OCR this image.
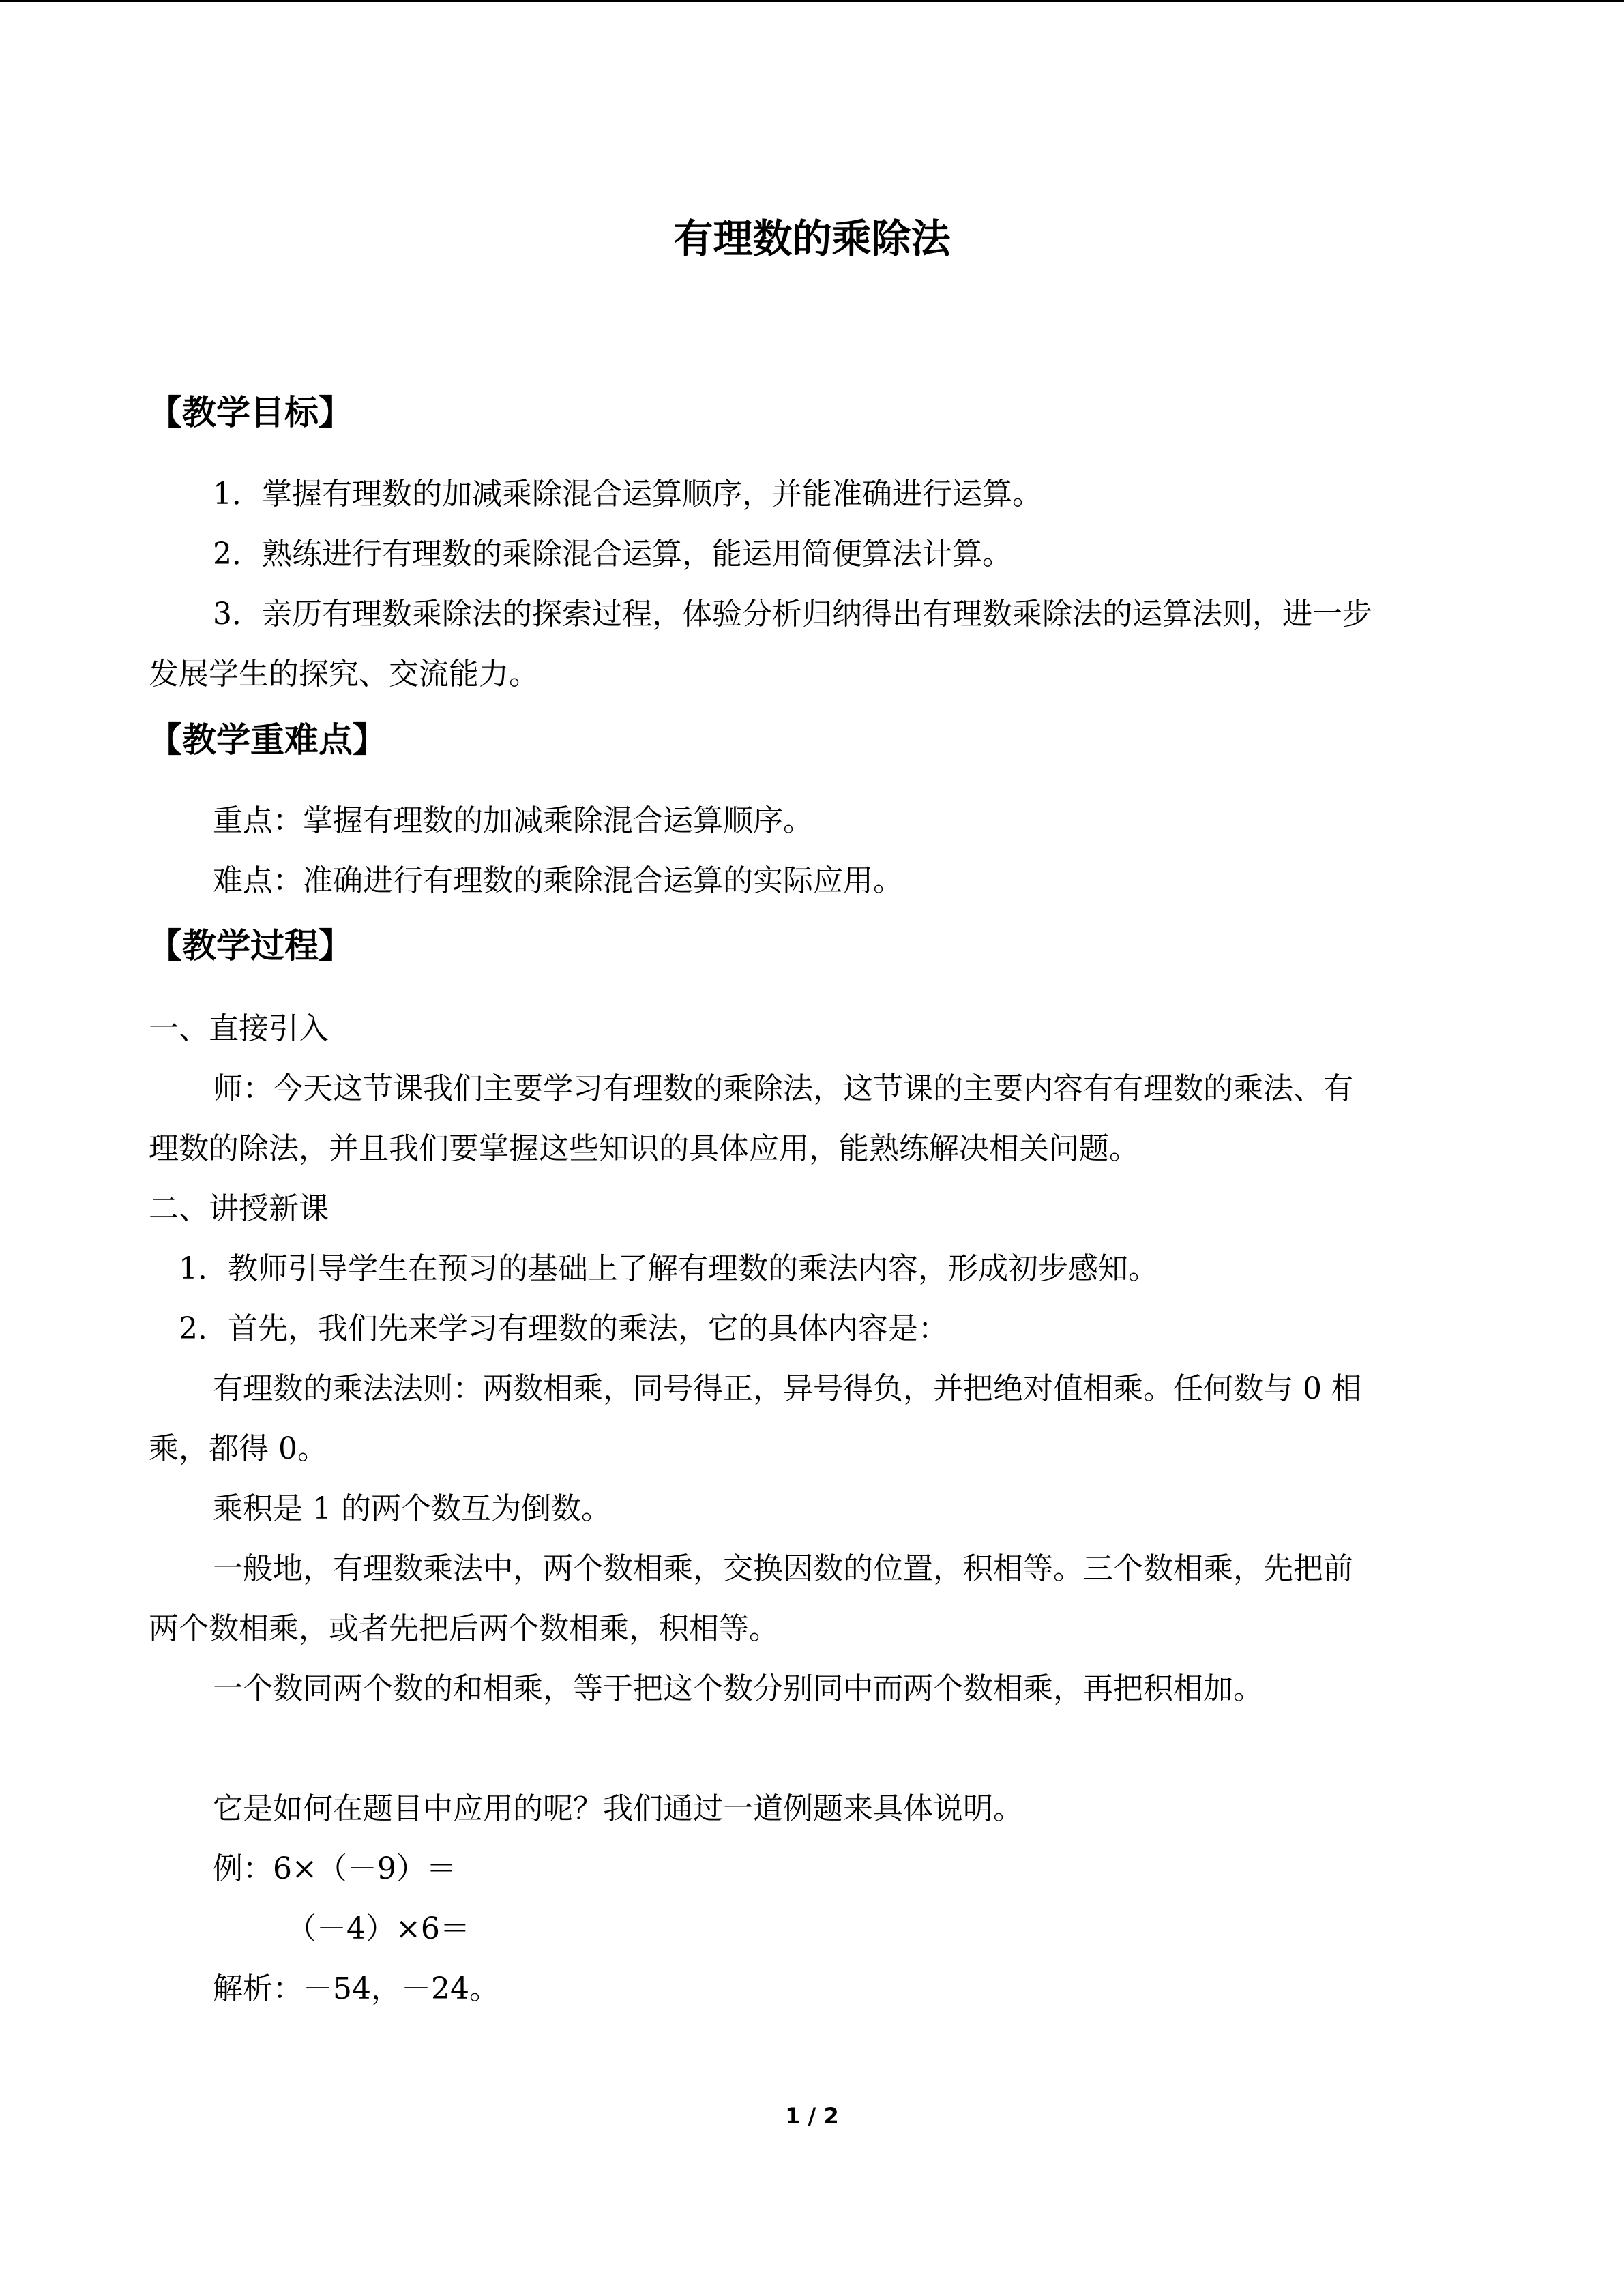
有理数的乘除法
【教学目标】
1．掌握有理数的加减乘除混合运算顺序，并能准确进行运算。
2．熟练进行有理数的乘除混合运算，能运用简便算法计算。
3．亲历有理数乘除法的探索过程，体验分析归纳得出有理数乘除法的运算法则，进一步
发展学生的探究、交流能力。
【教学重难点】
重点：掌握有理数的加减乘除混合运算顺序。
难点：准确进行有理数的乘除混合运算的实际应用。
【教学过程】
一、直接引入
师：今天这节课我们主要学习有理数的乘除法，这节课的主要内容有有理数的乘法、有
理数的除法，并且我们要掌握这些知识的具体应用，能熟练解决相关问题。
二、讲授新课
1．教师引导学生在预习的基础上了解有理数的乘法内容，形成初步感知。
2．首先，我们先来学习有理数的乘法，它的具体内容是：
有理数的乘法法则：两数相乘，同号得正，异号得负，并把绝对值相乘。任何数与 0 相
乘，都得 0。
乘积是 1 的两个数互为倒数。
一般地，有理数乘法中，两个数相乘，交换因数的位置，积相等。三个数相乘，先把前
两个数相乘，或者先把后两个数相乘，积相等。
一个数同两个数的和相乘，等于把这个数分别同中而两个数相乘，再把积相加。
它是如何在题目中应用的呢？我们通过一道例题来具体说明。
例：6×（－9）＝
（－4）×6＝
解析：－54，－24。
1 / 2
